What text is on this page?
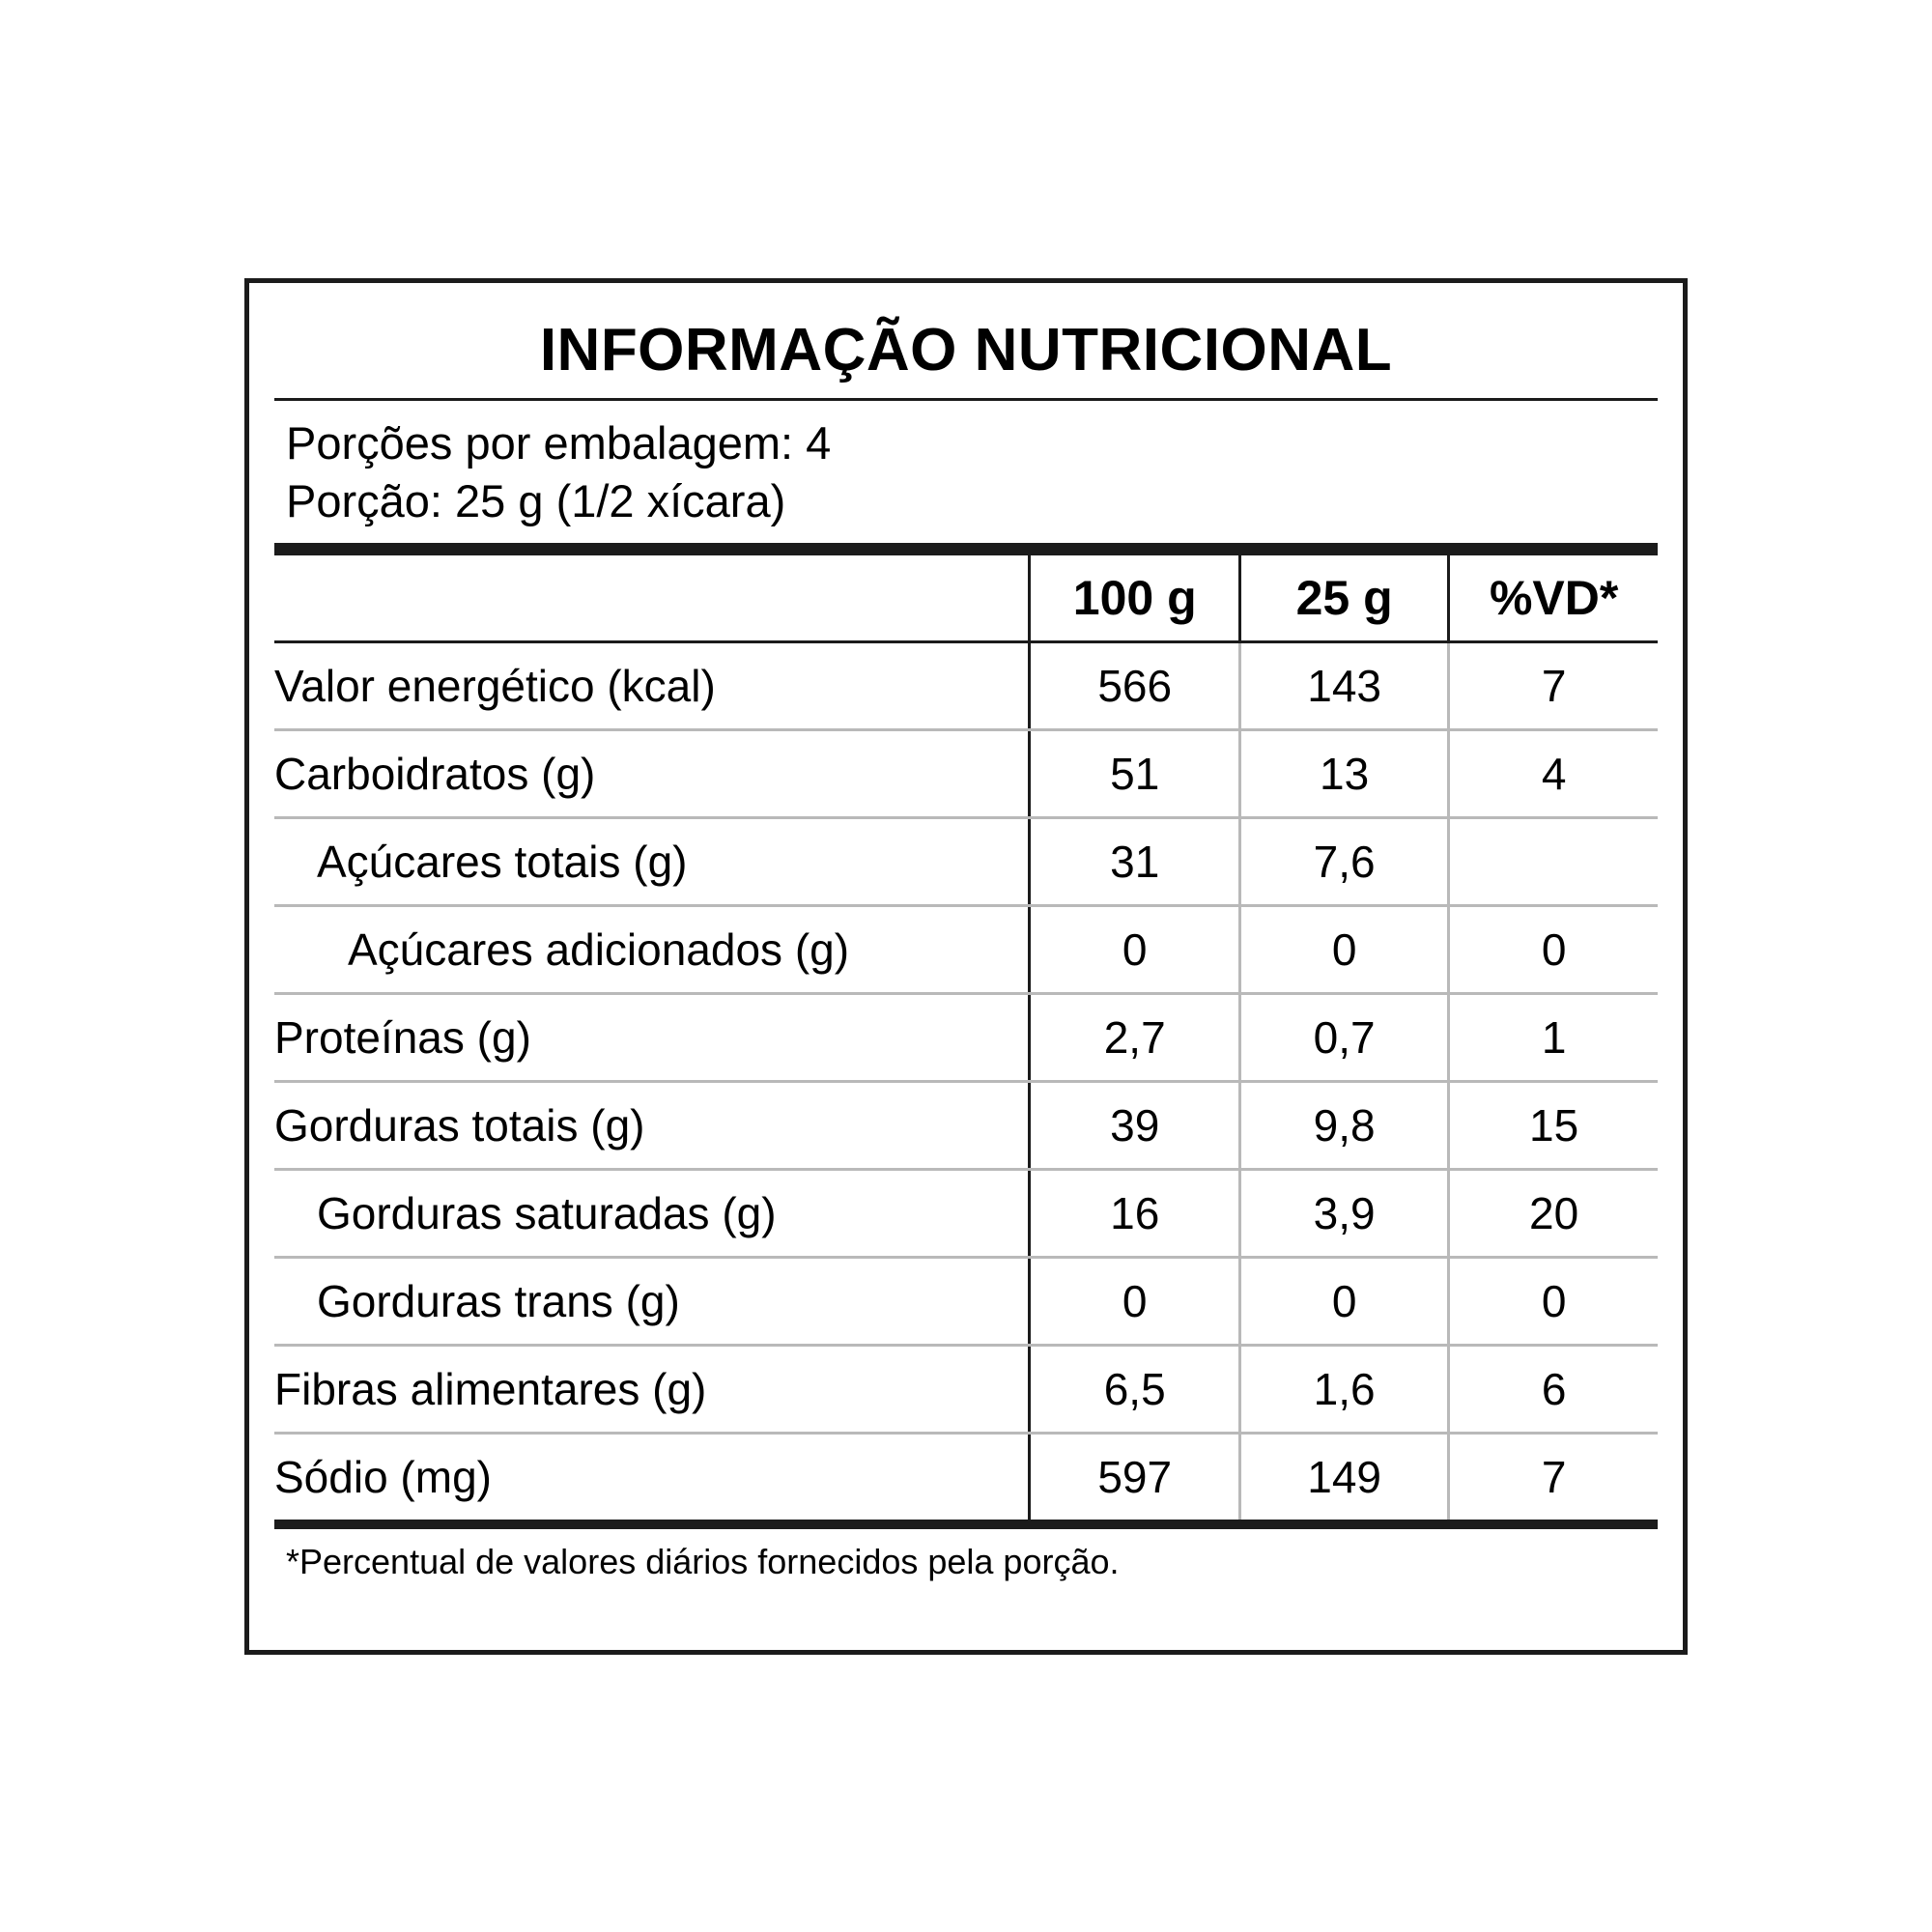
INFORMAÇÃO NUTRICIONAL
Porções por embalagem: 4
Porção: 25 g (1/2 xícara)
	100 g	25 g	%VD*
Valor energético (kcal)	566	143	7
Carboidratos (g)	51	13	4
Açúcares totais (g)	31	7,6	
Açúcares adicionados (g)	0	0	0
Proteínas (g)	2,7	0,7	1
Gorduras totais (g)	39	9,8	15
Gorduras saturadas (g)	16	3,9	20
Gorduras trans (g)	0	0	0
Fibras alimentares (g)	6,5	1,6	6
Sódio (mg)	597	149	7
*Percentual de valores diários fornecidos pela porção.
